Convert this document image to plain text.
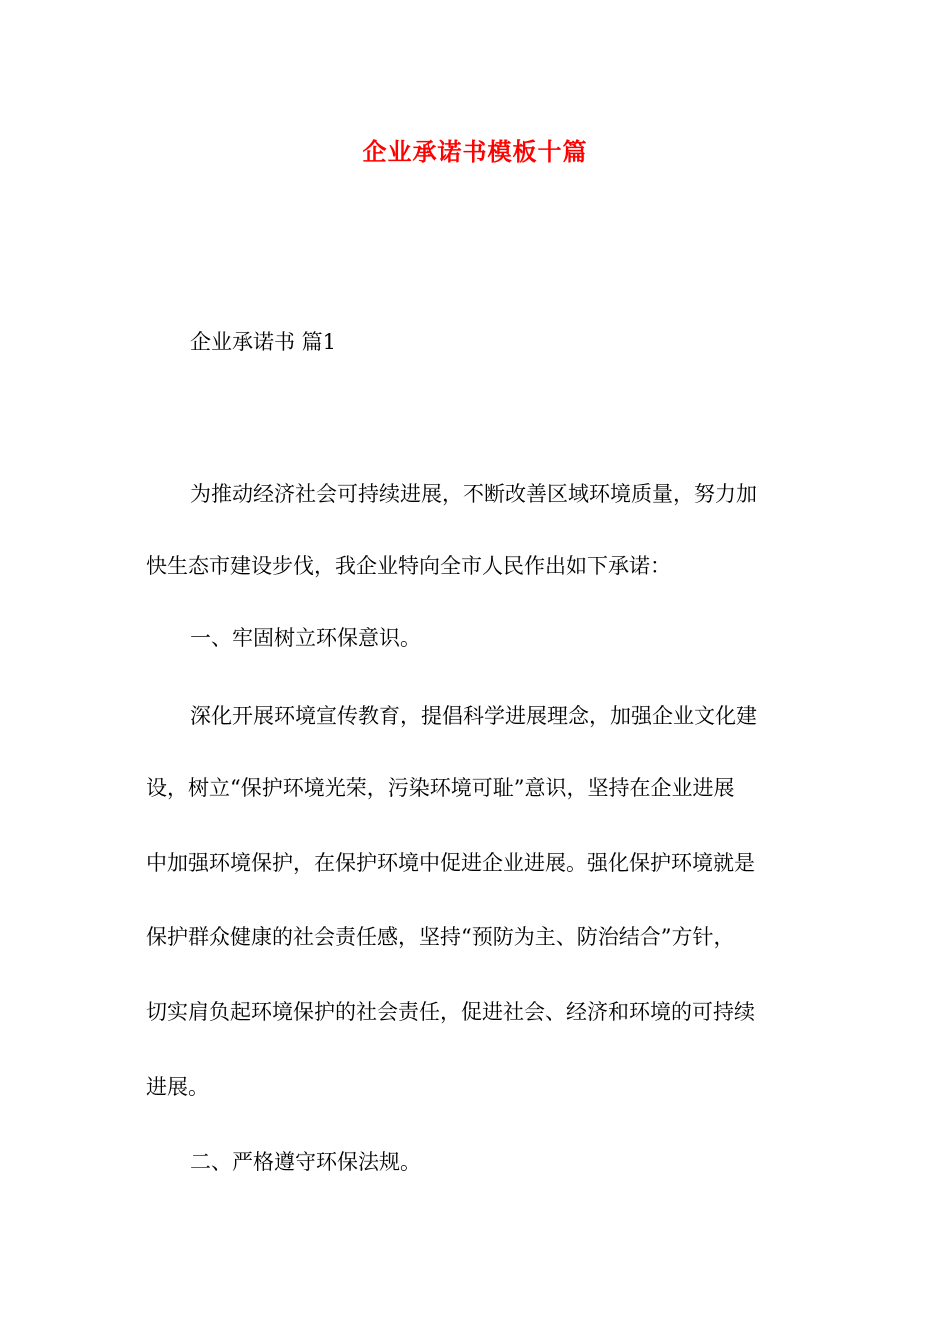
企业承诺书模板十篇
企业承诺书 篇1
为推动经济社会可持续进展，不断改善区域环境质量，努力加
快生态市建设步伐，我企业特向全市人民作出如下承诺：
一、牢固树立环保意识。
深化开展环境宣传教育，提倡科学进展理念，加强企业文化建
设，树立“保护环境光荣，污染环境可耻”意识，坚持在企业进展
中加强环境保护，在保护环境中促进企业进展。强化保护环境就是
保护群众健康的社会责任感，坚持“预防为主、防治结合”方针，
切实肩负起环境保护的社会责任，促进社会、经济和环境的可持续
进展。
二、严格遵守环保法规。
